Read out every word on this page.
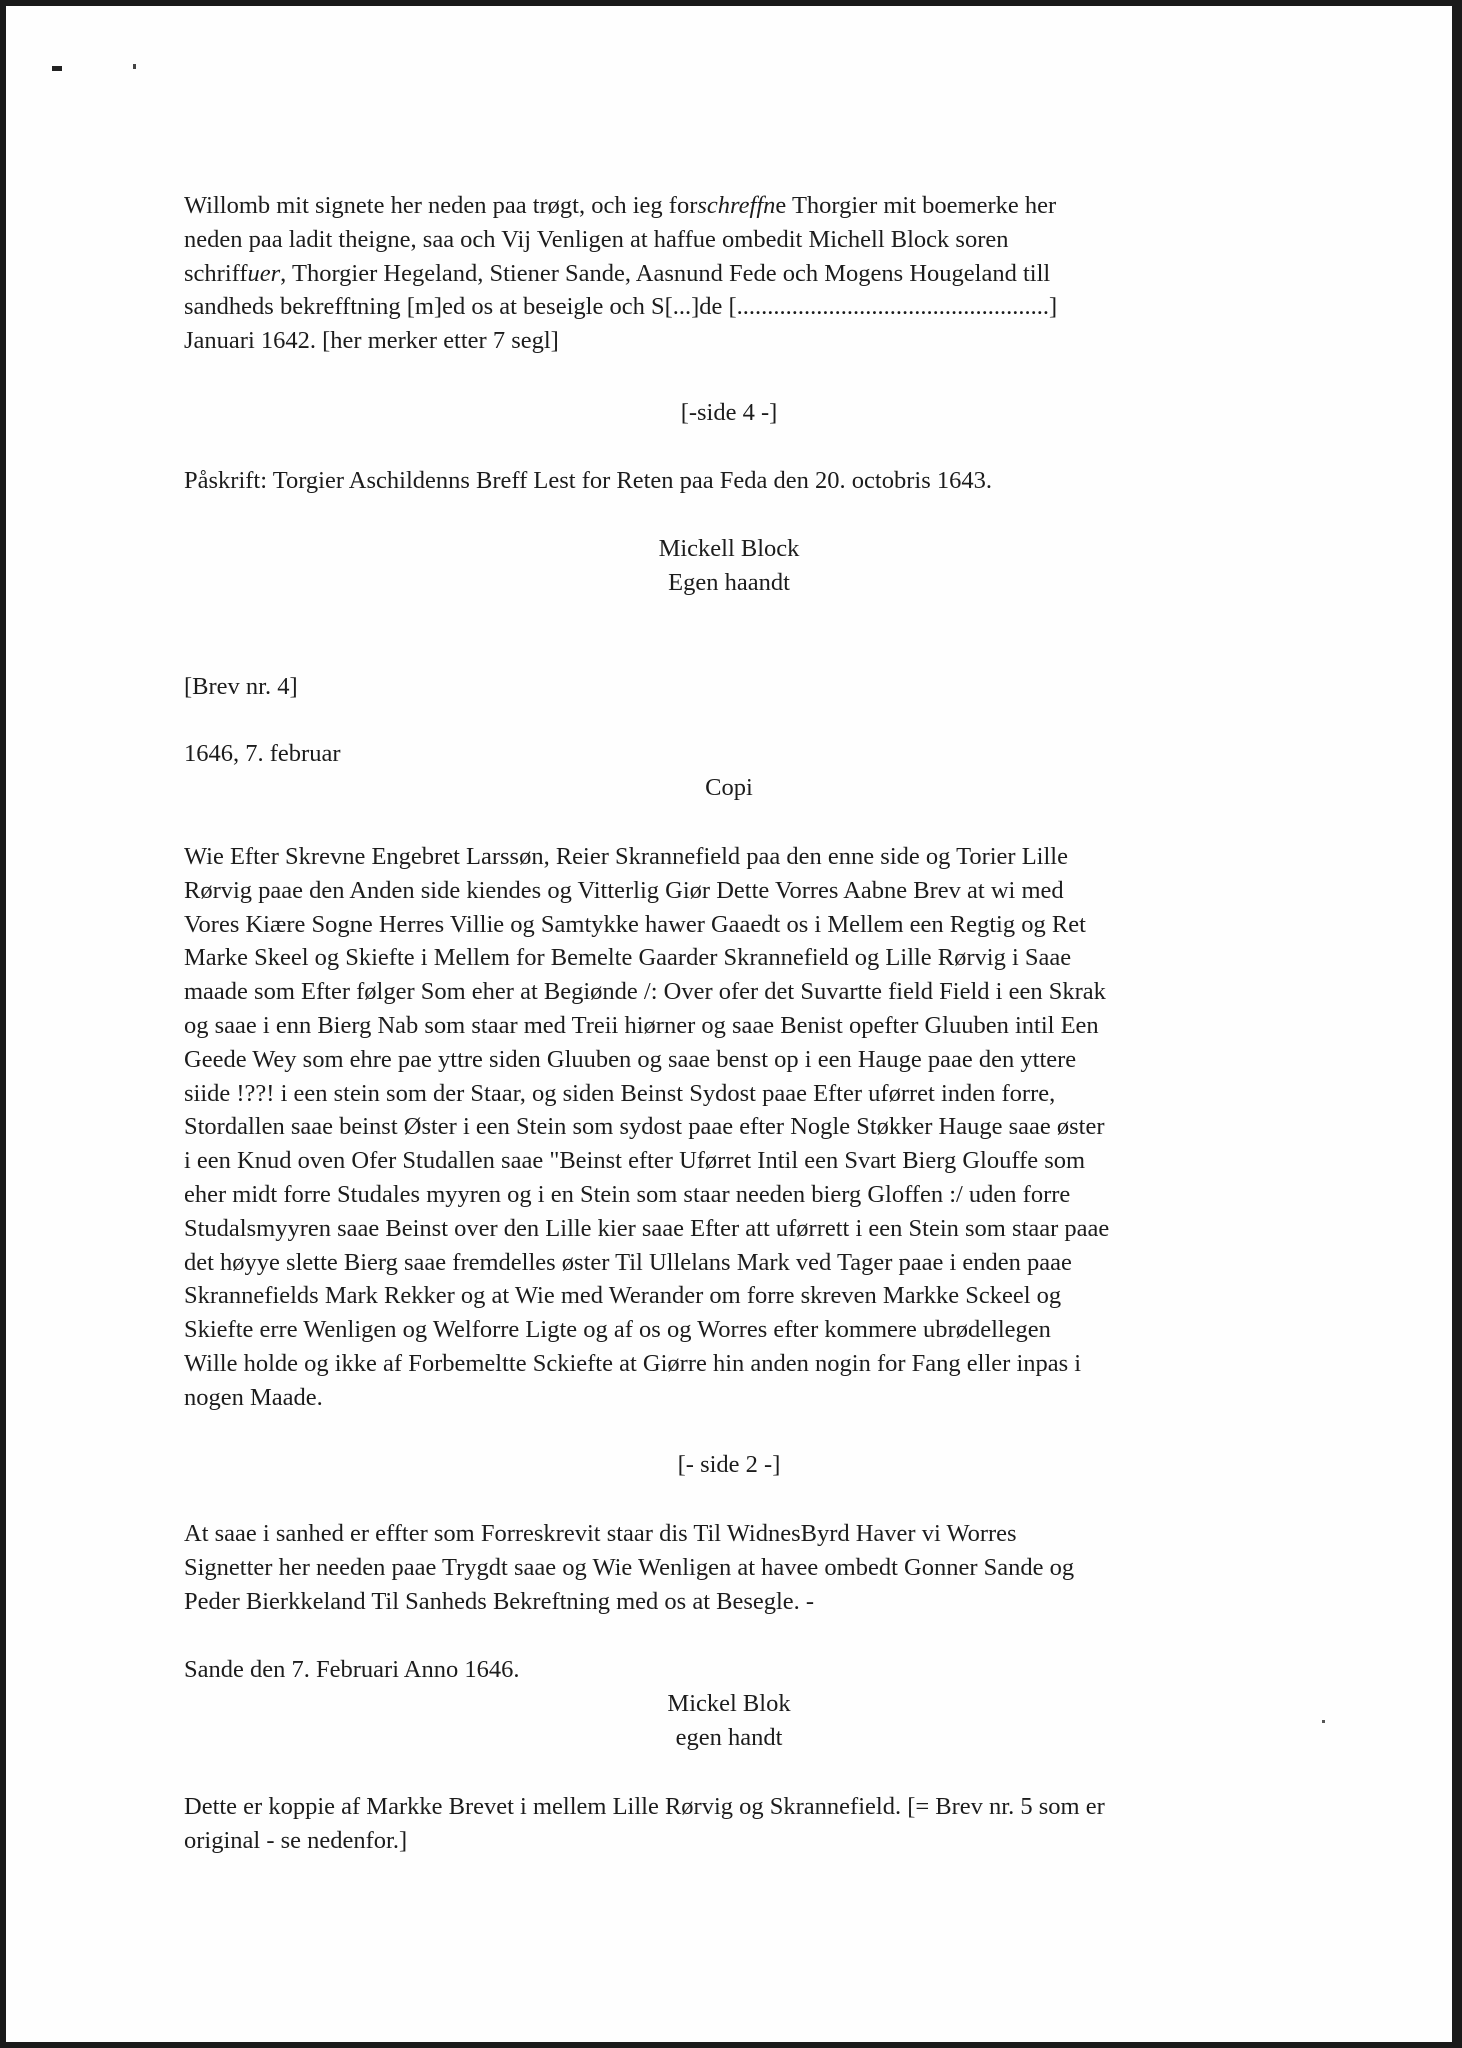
Willomb mit signete her neden paa trøgt, och ieg forschreffne Thorgier mit boemerke her
neden paa ladit theigne, saa och Vij Venligen at haffue ombedit Michell Block soren
schriffuer, Thorgier Hegeland, Stiener Sande, Aasnund Fede och Mogens Hougeland till
sandheds bekrefftning [m]ed os at beseigle och S[...]de [...................................................]
Januari 1642. [her merker etter 7 segl]
[-side 4 -]
Påskrift: Torgier Aschildenns Breff Lest for Reten paa Feda den 20. octobris 1643.
Mickell Block
Egen haandt
[Brev nr. 4]
1646, 7. februar
Copi
Wie Efter Skrevne Engebret Larssøn, Reier Skrannefield paa den enne side og Torier Lille
Rørvig paae den Anden side kiendes og Vitterlig Giør Dette Vorres Aabne Brev at wi med
Vores Kiære Sogne Herres Villie og Samtykke hawer Gaaedt os i Mellem een Regtig og Ret
Marke Skeel og Skiefte i Mellem for Bemelte Gaarder Skrannefield og Lille Rørvig i Saae
maade som Efter følger Som eher at Begiønde /: Over ofer det Suvartte field Field i een Skrak
og saae i enn Bierg Nab som staar med Treii hiørner og saae Benist opefter Gluuben intil Een
Geede Wey som ehre pae yttre siden Gluuben og saae benst op i een Hauge paae den yttere
siide !??! i een stein som der Staar, og siden Beinst Sydost paae Efter uførret inden forre,
Stordallen saae beinst Øster i een Stein som sydost paae efter Nogle Støkker Hauge saae øster
i een Knud oven Ofer Studallen saae "Beinst efter Uførret Intil een Svart Bierg Glouffe som
eher midt forre Studales myyren og i en Stein som staar needen bierg Gloffen :/ uden forre
Studalsmyyren saae Beinst over den Lille kier saae Efter att uførrett i een Stein som staar paae
det høyye slette Bierg saae fremdelles øster Til Ullelans Mark ved Tager paae i enden paae
Skrannefields Mark Rekker og at Wie med Werander om forre skreven Markke Sckeel og
Skiefte erre Wenligen og Welforre Ligte og af os og Worres efter kommere ubrødellegen
Wille holde og ikke af Forbemeltte Sckiefte at Giørre hin anden nogin for Fang eller inpas i
nogen Maade.
[- side 2 -]
At saae i sanhed er effter som Forreskrevit staar dis Til WidnesByrd Haver vi Worres
Signetter her needen paae Trygdt saae og Wie Wenligen at havee ombedt Gonner Sande og
Peder Bierkkeland Til Sanheds Bekreftning med os at Besegle. -
Sande den 7. Februari Anno 1646.
Mickel Blok
egen handt
Dette er koppie af Markke Brevet i mellem Lille Rørvig og Skrannefield. [= Brev nr. 5 som er
original - se nedenfor.]
